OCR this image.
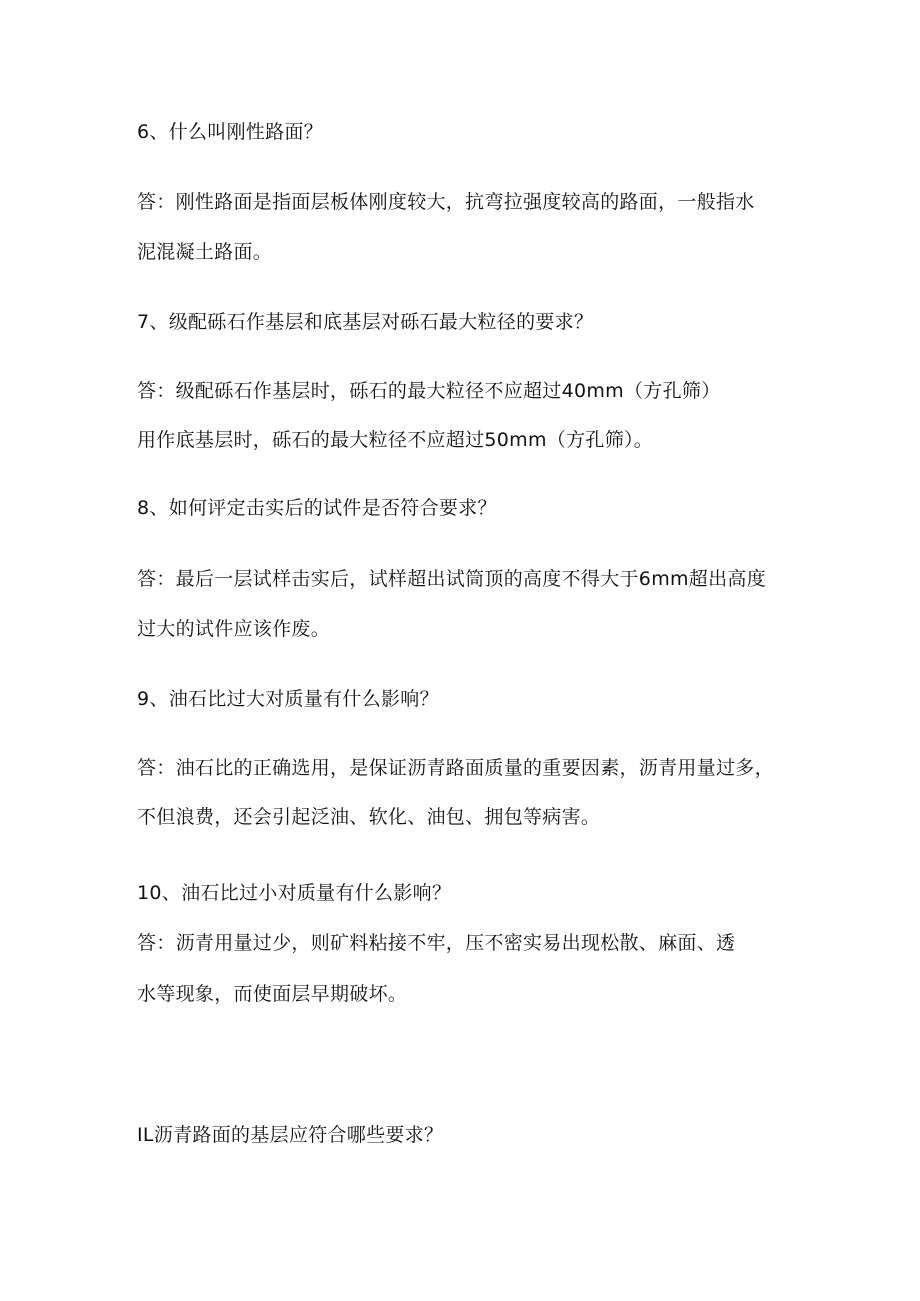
6、什么叫刚性路面？
答：刚性路面是指面层板体刚度较大，抗弯拉强度较高的路面，一般指水
泥混凝土路面。
7、级配砾石作基层和底基层对砾石最大粒径的要求？
答：级配砾石作基层时，砾石的最大粒径不应超过40mm（方孔筛）
用作底基层时，砾石的最大粒径不应超过50mm（方孔筛）。
8、如何评定击实后的试件是否符合要求？
答：最后一层试样击实后，试样超出试筒顶的高度不得大于6mm超出高度
过大的试件应该作废。
9、油石比过大对质量有什么影响？
答：油石比的正确选用，是保证沥青路面质量的重要因素，沥青用量过多，
不但浪费，还会引起泛油、软化、油包、拥包等病害。
10、油石比过小对质量有什么影响？
答：沥青用量过少，则矿料粘接不牢，压不密实易出现松散、麻面、透
水等现象，而使面层早期破坏。
IL沥青路面的基层应符合哪些要求？
